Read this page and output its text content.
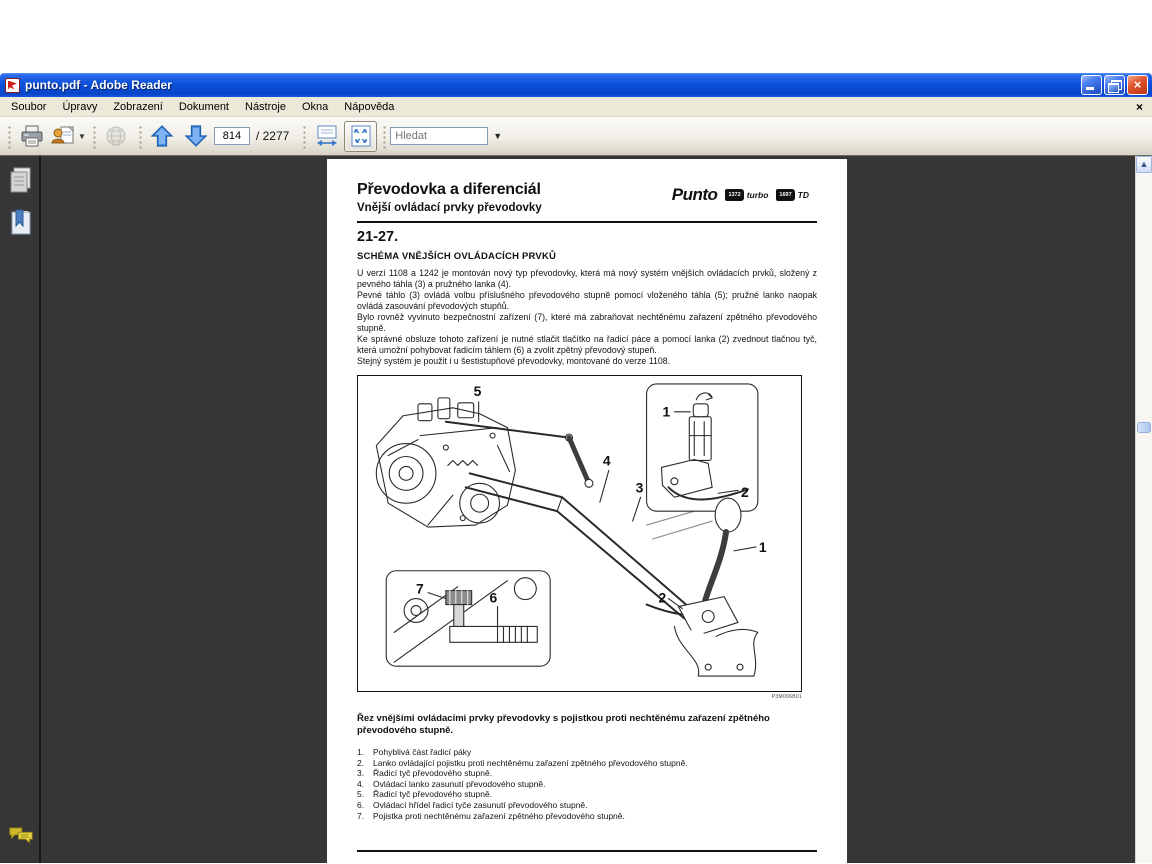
punto.pdf - Adobe Reader	×
Soubor	Úpravy	Zobrazení	Dokument	Nástroje	Okna	Nápověda	×
▼
814	/ 2277
Hledat	▼
Převodovka a diferenciál
Vnější ovládací prvky převodovky
Punto	1372 turbo	1697 TD
21-27.
SCHÉMA VNĚJŠÍCH OVLÁDACÍCH PRVKŮ
U verzí 1108 a 1242 je montován nový typ převodovky, která má nový systém vnějších ovládacích prvků, složený z pevného táhla (3) a pružného lanka (4).
Pevné táhlo (3) ovládá volbu příslušného převodového stupně pomocí vloženého táhla (5); pružné lanko naopak ovládá zasouvání převodových stupňů.
Bylo rovněž vyvinuto bezpečnostní zařízení (7), které má zabraňovat nechtěnému zařazení zpětného převodového stupně.
Ke správné obsluze tohoto zařízení je nutné stlačit tlačítko na řadicí páce a pomocí lanka (2) zvednout tlačnou tyč, která umožní pohybovat řadicím táhlem (6) a zvolit zpětný převodový stupeň.
Stejný systém je použit i u šestistupňové převodovky, montované do verze 1108.
5
4
3
1
2
1
2
7
6
P3M006B01
Řez vnějšími ovládacími prvky převodovky s pojistkou proti nechtěnému zařazení zpětného převodového stupně.
1.	Pohyblivá část řadicí páky
2.	Lanko ovládající pojistku proti nechtěnému zařazení zpětného převodového stupně.
3.	Řadicí tyč převodového stupně.
4.	Ovládací lanko zasunutí převodového stupně.
5.	Řadicí tyč převodového stupně.
6.	Ovládací hřídel řadicí tyče zasunutí převodového stupně.
7.	Pojistka proti nechtěnému zařazení zpětného převodového stupně.
▲
